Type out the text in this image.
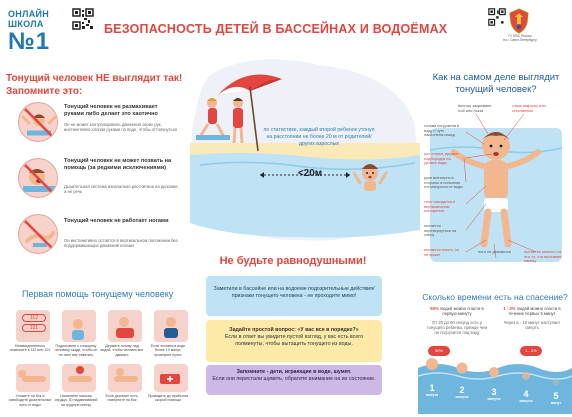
ОНЛАЙН
ШКОЛА
№1	БЕЗОПАСНОСТЬ ДЕТЕЙ В БАССЕЙНАХ И ВОДОЁМАХ	ГУ МЧС России
по г. Санкт-Петербургу
Тонущий человек НЕ выглядит так!
Запомните это:
Тонущий человек не размахивает руками либо делает это хаотично
Он не может контролировать движения своих рук, инстинктивно хлопая руками по воде, чтобы оттолкнуться
Тонущий человек не может позвать на помощь (за редкими исключениями)
Дыхательная система изначально рассчитана на дыхание, а не речь
Тонущий человек не работает ногами
Он инстинктивно остаётся в вертикальном положении без поддерживающих движений ногами
по статистике, каждый второй ребенок утонул на расстоянии не более 20 м от родителей/других взрослых
<20м
Не будьте равнодушными!
Заметили в бассейне или на водоеме подозрительные действия/признаки тонущего человека - не проходите мимо!
Задайте простой вопрос: «У вас все в порядке?»
Если в ответ вы увидите пустой взгляд, у вас есть всего полминуты, чтобы вытащить тонущего из воды.
Запомните - дети, играющие в воде, шумят.
Если они перестали шуметь, обратите внимание на их состояние.
Как на самом деле выглядит тонущий человек?
волосы закрывают лоб или глаза
глаза закрыты или стеклянные
голова погружена в воду и чуть наклонена назад
рот открыт, держит подбородок на уровне воды
руки вытянуты в стороны в попытках оттолкнуться от воды
тело находится в вертикальном положении
пытается перевернуться на спину
пытается плыть, но не может
ноги не двигаются	пытается залезть на что-то, что вызывает панику
Первая помощь тонущему человеку
112
101
Незамедлительно позвоните в 112 или 101
Подплывите к тонущему человеку сзади, чтобы он не смог вас схватить
Держите голову над водой, чтобы человек мог дышать
Если человек в воде более 10 минут, проверьте пульс
Уложите на бок и освободите дыхательные пути от воды
Начинайте массаж сердца: 30 надавливаний на грудную клетку
Если дыхание есть, поверните на бок
Проводите до прибытия скорой помощи
Сколько времени есть на спасение?
90% людей можно спасти в первую минуту
От 20 до 60 секунд есть у тонущего ребенка, прежде чем он погрузится под воду
1 - 3% людей можно спасти в течение первых 5 минут
Через 5 - 10 минут наступает смерть
90%	1 - 3%
1
минута	2
минуты	3
минуты	4
минуты	5
минут
